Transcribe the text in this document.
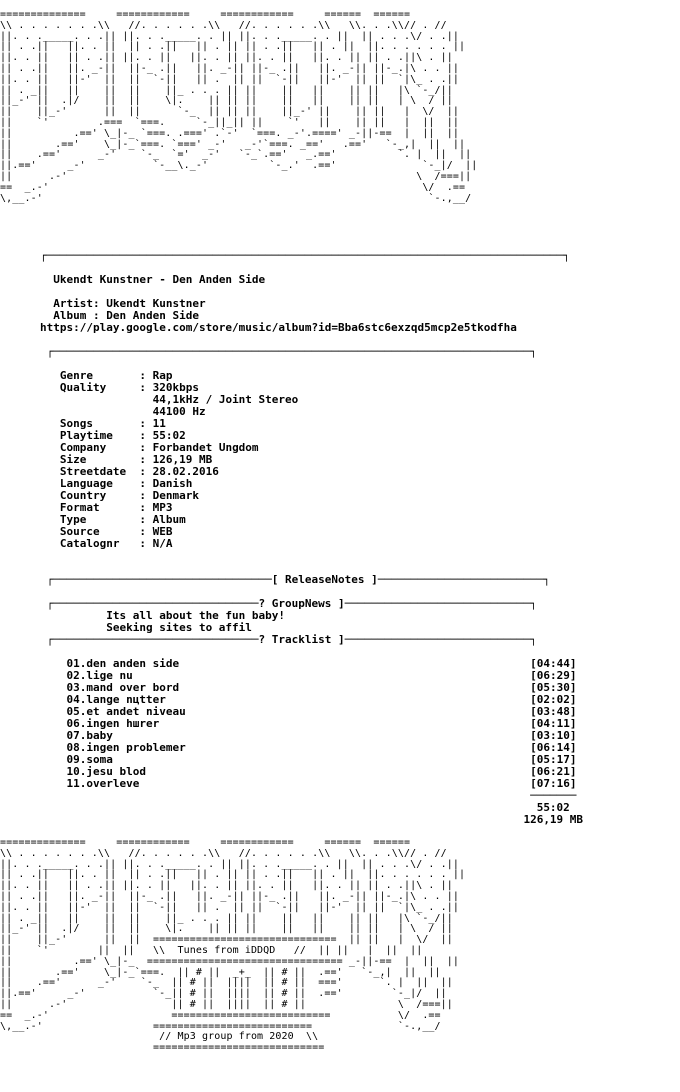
==============     ============     ============     ======  ======
\\ . . . . . . .\\   //. . . . . .\\   //. . . . . .\\   \\. . .\\// . //
||. . ._____. . .|| ||. . ._____. . || ||. . ._____. . ||  || . . .\/ . .||
|| . .||   ||. . ||  || . .||   || . || || . .||   || . ||  ||. . . . . . ||
||. . ||   || . .|| ||. . ||   ||. . || ||. . ||   ||. . || || . .||\ . ||
|| . .||   ||. _-||  ||-_ .||   ||. _-|| ||-_ .||   ||. _-|| ||-_.|\ . . ||
||. . ||   ||-'  ||  ||  `-||   || .  || ||  `-||   ||-'  || ||  `|\_ . .||
|| . _||   ||    ||  ||    ||_ . . . || ||    ||   ||    || ||   |\ `-_/||
||_-' ||  .|/    ||  ||    \|.    || || ||    ||   ||    || ||   | \  / ||
||    ||_-'      ||  ||      `-_  || || ||    ||_-' ||    || ||   |  \/  ||
||    `'        .===  `===.     `-_||_|| ||    `'   ||    || ||   |  ||  ||
||          .==' \_|-_ `===. .===' .`-'  `===. _-'.====' _-||-==  |  ||  ||
||       .=='    \_|-_`===. `===' _-'   _-'`===. _=='   .=='   `-_,|  ||  ||
||    .=='      _-'    `-_  `='  _-'   `-_`.=='   _.=='          `. |  ||  ||
||.=='     _-'           `-__\._-'          `-_.'  .=='              `-_|/  ||
||      .-'                                                         \  /===||
==  _.-'                                                             \/  .==
\,__.-'                                                               `-.,__/
┌──────────────────────────────────────────────────────────────────────────────┐

Ukendt Kunstner - Den Anden Side

Artist: Ukendt Kunstner
Album : Den Anden Side
https://play.google.com/store/music/album?id=Bba6stc6exzqd5mcp2e5tkodfha

┌────────────────────────────────────────────────────────────────────────┐

Genre       : Rap
Quality     : 320kbps
44,1kHz / Joint Stereo
44100 Hz
Songs       : 11
Playtime    : 55:02
Company     : Forbandet Ungdom
Size        : 126,19 MB
Streetdate  : 28.02.2016
Language    : Danish
Country     : Denmark
Format      : MP3
Type        : Album
Source      : WEB
Catalognr   : N/A

┌─────────────────────────────────[ ReleaseNotes ]─────────────────────────┐

┌───────────────────────────────? GroupNews ]────────────────────────────┐
Its all about the fun baby!
Seeking sites to affil
┌───────────────────────────────? Tracklist ]────────────────────────────┐

01.den anden side                                                     [04:44]
02.lige nu                                                            [06:29]
03.mand over bord                                                     [05:30]
04.lange nцtter                                                       [02:02]
05.et andet niveau                                                    [03:48]
06.ingen hшrer                                                        [04:11]
07.baby                                                               [03:10]
08.ingen problemer                                                    [06:14]
09.soma                                                               [05:17]
10.jesu blod                                                          [06:21]
11.overleve                                                           [07:16]
───────
55:02
126,19 MB
==============     ============     ============     ======  ======
\\ . . . . . . .\\   //. . . . . .\\   //. . . . . .\\   \\. . .\\// . //
||. . ._____. . .|| ||. . ._____. . || ||. . ._____. . ||  || . . .\/ . .||
|| . .||   ||. . ||  || . .||   || . || || . .||   || . ||  ||. . . . . . ||
||. . ||   || . .|| ||. . ||   ||. . || ||. . ||   ||. . || || . .||\ . ||
|| . .||   ||. _-||  ||-_ .||   ||. _-|| ||-_ .||   ||. _-|| ||-_.|\ . . ||
||. . ||   ||-'  ||  ||  `-||   || .  || ||  `-||   ||-'  || ||  `|\_ . .||
|| . _||   ||    ||  ||    ||_ . . . || ||    ||   ||    || ||   |\ `-_/||
||_-' ||  .|/    ||  ||    \|.    || || ||    ||   ||    || ||   | \  / ||
||    ||_-'      ||  ||  ==============================  || ||   |  \/  ||
||    `'        ||  ||   \\  Tunes from iDDQD   //  || ||   |  ||  ||
||          .==' \_|-_  ================================ _-||-==  |  ||  ||
||       .=='    \_|-_`===.  || # ||  _+_  || # ||  .=='   `-_,|  ||  ||
||    .=='      _-'    `-_  || # ||  ||||  || # ||  ==='      `. |  ||  ||
||.=='     _-'           `-_|| # ||  ||||  || # ||  .=='        `-_|/  ||
||      .-'                 || # ||  ||||  || # ||               \  /===||
==  _.-'                    ==========================           \/  .==
\,__.-'                  ==========================              `-.,__/
// Mp3 group from 2020  \\
============================
